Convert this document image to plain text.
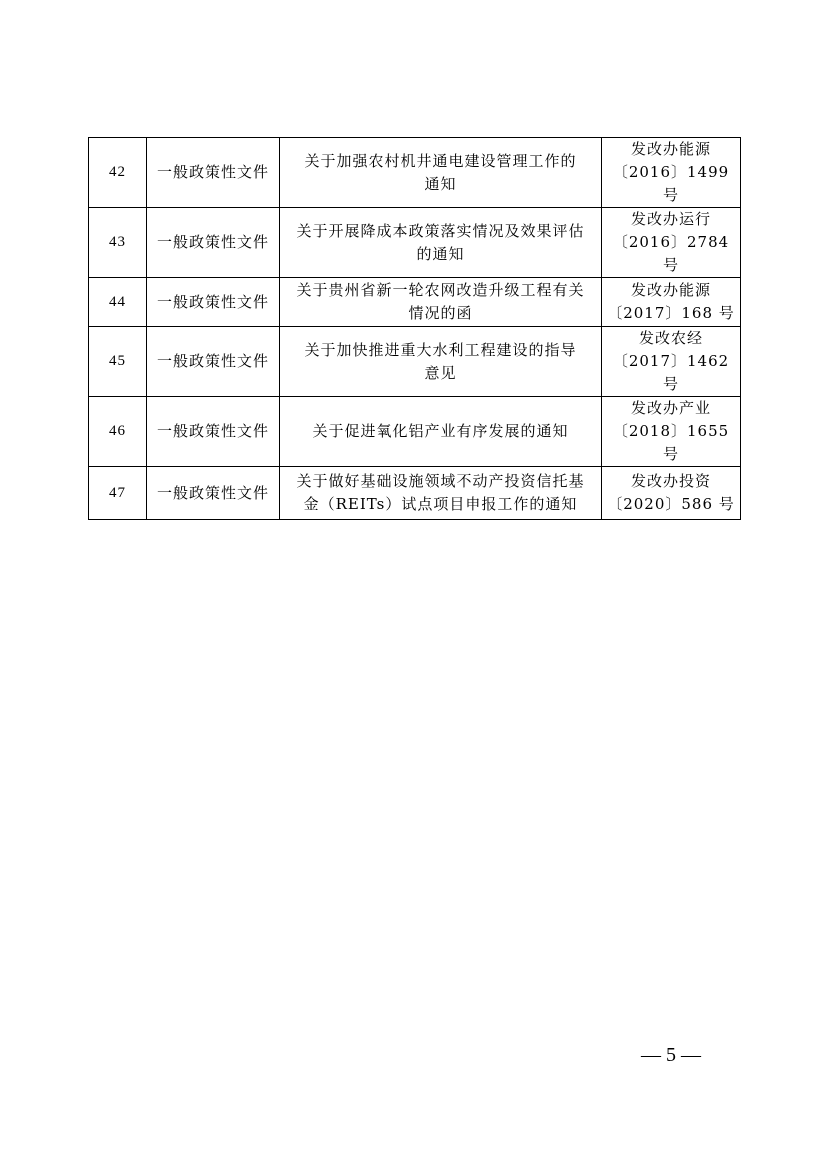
42	一般政策性文件	关于加强农村机井通电建设管理工作的
通知	发改办能源
〔2016〕1499 号

43	一般政策性文件	关于开展降成本政策落实情况及效果评估
的通知	发改办运行
〔2016〕2784 号

44	一般政策性文件	关于贵州省新一轮农网改造升级工程有关
情况的函	发改办能源
〔2017〕168 号

45	一般政策性文件	关于加快推进重大水利工程建设的指导
意见	发改农经
〔2017〕1462 号

46	一般政策性文件	关于促进氧化铝产业有序发展的通知	发改办产业
〔2018〕1655 号

47	一般政策性文件	关于做好基础设施领域不动产投资信托基
金（REITs）试点项目申报工作的通知	发改办投资
〔2020〕586 号
— 5 —
